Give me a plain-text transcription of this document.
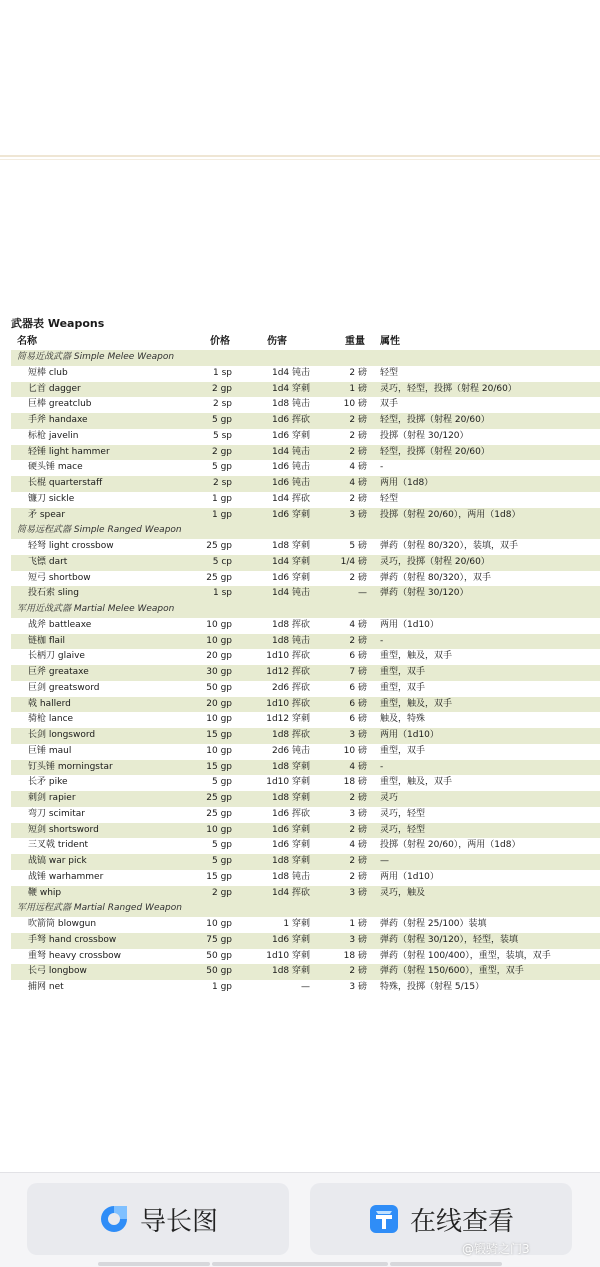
武器表 Weapons
名称	价格	伤害	重量 属性
简易近战武器 Simple Melee Weapon
短棒 club	1 sp	1d4 钝击	2 磅 轻型
匕首 dagger	2 gp	1d4 穿刺	1 磅 灵巧，轻型，投掷（射程 20/60）
巨棒 greatclub	2 sp	1d8 钝击	10 磅 双手
手斧 handaxe	5 gp	1d6 挥砍	2 磅 轻型，投掷（射程 20/60）
标枪 javelin	5 sp	1d6 穿刺	2 磅 投掷（射程 30/120）
轻锤 light hammer	2 gp	1d4 钝击	2 磅 轻型，投掷（射程 20/60）
硬头锤 mace	5 gp	1d6 钝击	4 磅 -
长棍 quarterstaff	2 sp	1d6 钝击	4 磅 两用（1d8）
镰刀 sickle	1 gp	1d4 挥砍	2 磅 轻型
矛 spear	1 gp	1d6 穿刺	3 磅 投掷（射程 20/60），两用（1d8）
简易远程武器 Simple Ranged Weapon
轻弩 light crossbow	25 gp	1d8 穿刺	5 磅 弹药（射程 80/320），装填，双手
飞镖 dart	5 cp	1d4 穿刺	1/4 磅 灵巧，投掷（射程 20/60）
短弓 shortbow	25 gp	1d6 穿刺	2 磅 弹药（射程 80/320），双手
投石索 sling	1 sp	1d4 钝击	— 弹药（射程 30/120）
军用近战武器 Martial Melee Weapon
战斧 battleaxe	10 gp	1d8 挥砍	4 磅 两用（1d10）
链枷 flail	10 gp	1d8 钝击	2 磅 -
长柄刀 glaive	20 gp	1d10 挥砍	6 磅 重型，触及，双手
巨斧 greataxe	30 gp	1d12 挥砍	7 磅 重型，双手
巨剑 greatsword	50 gp	2d6 挥砍	6 磅 重型，双手
戟 hallerd	20 gp	1d10 挥砍	6 磅 重型，触及，双手
骑枪 lance	10 gp	1d12 穿刺	6 磅 触及，特殊
长剑 longsword	15 gp	1d8 挥砍	3 磅 两用（1d10）
巨锤 maul	10 gp	2d6 钝击	10 磅 重型，双手
钉头锤 morningstar	15 gp	1d8 穿刺	4 磅 -
长矛 pike	5 gp	1d10 穿刺	18 磅 重型，触及，双手
刺剑 rapier	25 gp	1d8 穿刺	2 磅 灵巧
弯刀 scimitar	25 gp	1d6 挥砍	3 磅 灵巧，轻型
短剑 shortsword	10 gp	1d6 穿刺	2 磅 灵巧，轻型
三叉戟 trident	5 gp	1d6 穿刺	4 磅 投掷（射程 20/60），两用（1d8）
战镐 war pick	5 gp	1d8 穿刺	2 磅 —
战锤 warhammer	15 gp	1d8 钝击	2 磅 两用（1d10）
鞭 whip	2 gp	1d4 挥砍	3 磅 灵巧，触及
军用远程武器 Martial Ranged Weapon
吹箭筒 blowgun	10 gp	1 穿刺	1 磅 弹药（射程 25/100）装填
手弩 hand crossbow	75 gp	1d6 穿刺	3 磅 弹药（射程 30/120），轻型，装填
重弩 heavy crossbow	50 gp	1d10 穿刺	18 磅 弹药（射程 100/400），重型，装填，双手
长弓 longbow	50 gp	1d8 穿刺	2 磅 弹药（射程 150/600），重型，双手
捕网 net	1 gp	—	3 磅 特殊，投掷（射程 5/15）
导长图	在线查看
@锻骑之门3
